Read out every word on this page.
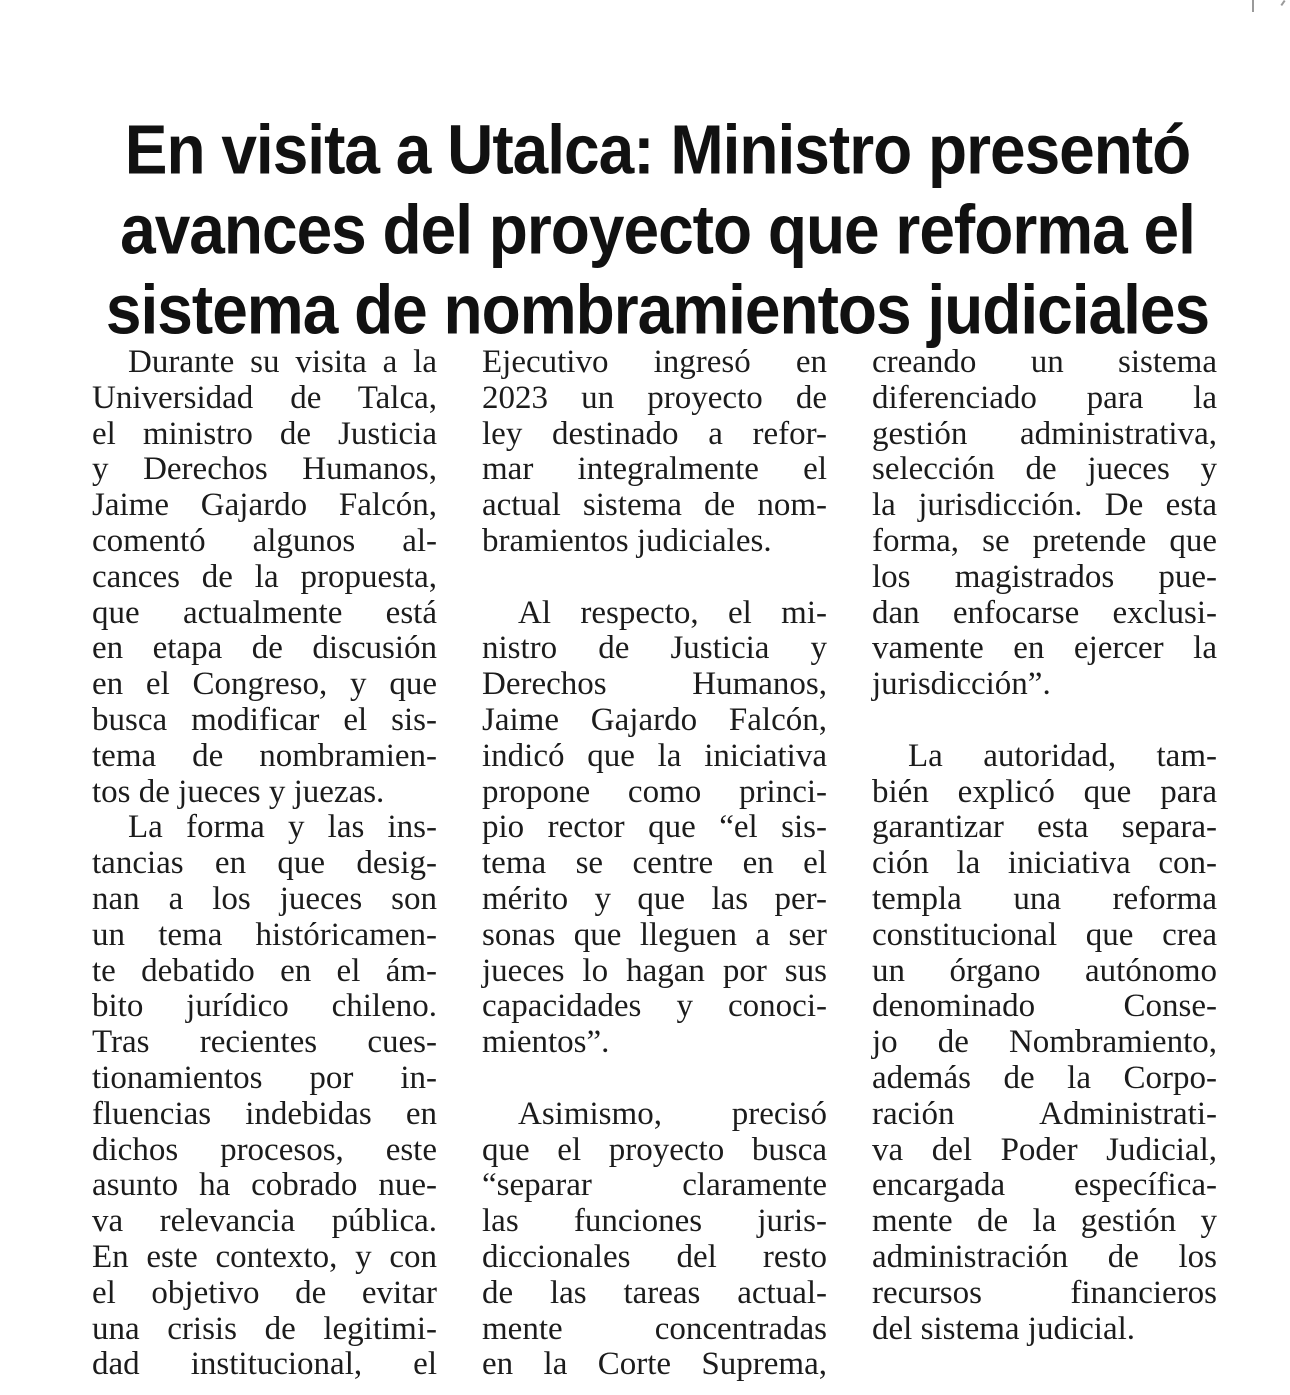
En visita a Utalca: Ministro presentó
avances del proyecto que reforma el
sistema de nombramientos judiciales
Durante su visita a la
Universidad de Talca,
el ministro de Justicia
y Derechos Humanos,
Jaime Gajardo Falcón,
comentó algunos al-
cances de la propuesta,
que actualmente está
en etapa de discusión
en el Congreso, y que
busca modificar el sis-
tema de nombramien-
tos de jueces y juezas.
La forma y las ins-
tancias en que desig-
nan a los jueces son
un tema históricamen-
te debatido en el ám-
bito jurídico chileno.
Tras recientes cues-
tionamientos por in-
fluencias indebidas en
dichos procesos, este
asunto ha cobrado nue-
va relevancia pública.
En este contexto, y con
el objetivo de evitar
una crisis de legitimi-
dad institucional, el
Ejecutivo ingresó en
2023 un proyecto de
ley destinado a refor-
mar integralmente el
actual sistema de nom-
bramientos judiciales.
Al respecto, el mi-
nistro de Justicia y
Derechos Humanos,
Jaime Gajardo Falcón,
indicó que la iniciativa
propone como princi-
pio rector que “el sis-
tema se centre en el
mérito y que las per-
sonas que lleguen a ser
jueces lo hagan por sus
capacidades y conoci-
mientos”.
Asimismo, precisó
que el proyecto busca
“separar claramente
las funciones juris-
diccionales del resto
de las tareas actual-
mente concentradas
en la Corte Suprema,
creando un sistema
diferenciado para la
gestión administrativa,
selección de jueces y
la jurisdicción. De esta
forma, se pretende que
los magistrados pue-
dan enfocarse exclusi-
vamente en ejercer la
jurisdicción”.
La autoridad, tam-
bién explicó que para
garantizar esta separa-
ción la iniciativa con-
templa una reforma
constitucional que crea
un órgano autónomo
denominado Conse-
jo de Nombramiento,
además de la Corpo-
ración Administrati-
va del Poder Judicial,
encargada específica-
mente de la gestión y
administración de los
recursos financieros
del sistema judicial.
